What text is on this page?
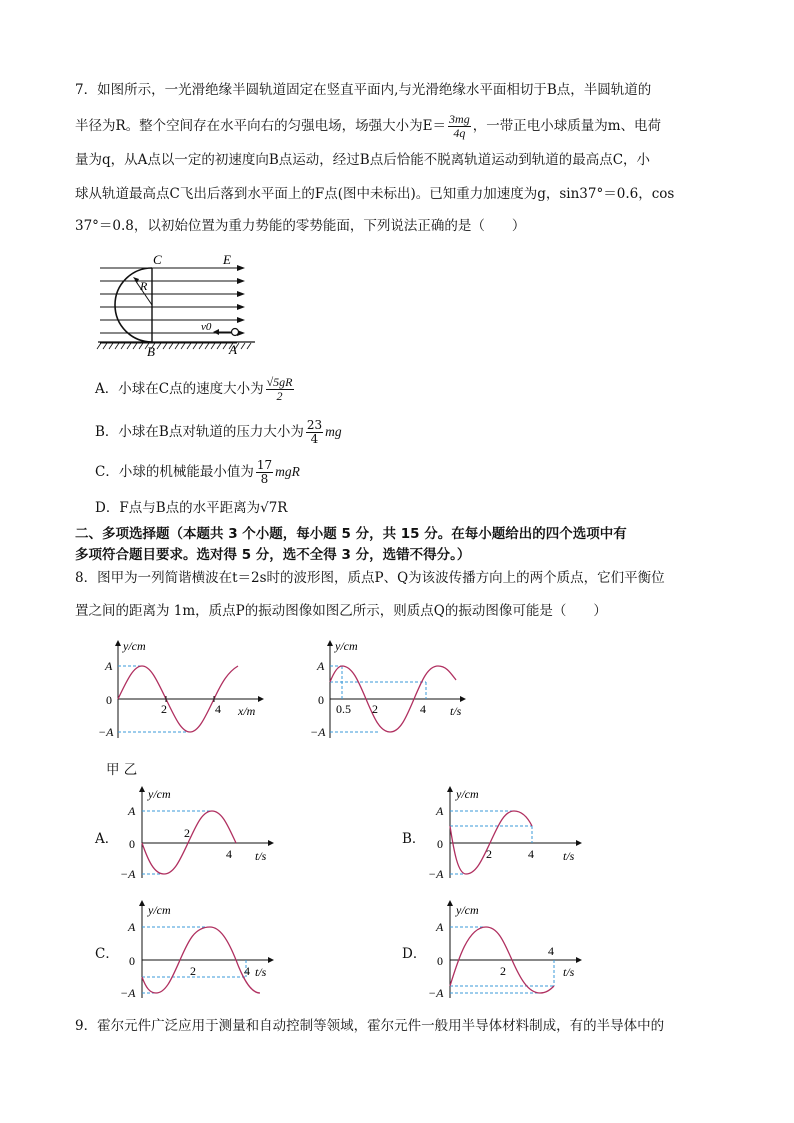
7．如图所示，一光滑绝缘半圆轨道固定在竖直平面内,与光滑绝缘水平面相切于B点，半圆轨道的
半径为R。整个空间存在水平向右的匀强电场，场强大小为$E= \frac{3mg}{4q}$ ，一带正电小球质量为m、电荷
量为q，从A点以一定的初速度向B点运动，经过B点后恰能不脱离轨道运动到轨道的最高点C，小
球从轨道最高点C飞出后落到水平面上的F点(图中未标出)。已知重力加速度为g，sin37°＝0.6，cos
37°＝0.8，以初始位置为重力势能的零势能面，下列说法正确的是（　　）
C	E
R
v0
B	A
A．小球在C点的速度大小为 $\frac{√5gR}{2}$
B．小球在B点对轨道的压力大小为 $\frac{23}{4}$ mg
C．小球的机械能最小值为 $\frac{17}{8}$ mgR
D．F点与B点的水平距离为√7R
二、多项选择题（本题共 3 个小题，每小题 5 分，共 15 分。在每小题给出的四个选项中有
多项符合题目要求。选对得 5 分，选不全得 3 分，选错不得分。）
8．图甲为一列简谐横波在t＝2s时的波形图，质点P、Q为该波传播方向上的两个质点，它们平衡位
置之间的距离为 1m，质点P的振动图像如图乙所示，则质点Q的振动图像可能是（　　）
y/cm
A
0
−A
2	4 x/m
y/cm
A
0
−A
0.5 2	4 t/s
甲 乙
A．
y/cm
A
0
−A
2
4 t/s
B．
y/cm
A
0
−A
2	4 t/s
C．
y/cm
A
0
−A
2	4 t/s
D．
y/cm
A
0
−A
2
4
t/s
9．霍尔元件广泛应用于测量和自动控制等领域，霍尔元件一般用半导体材料制成，有的半导体中的
